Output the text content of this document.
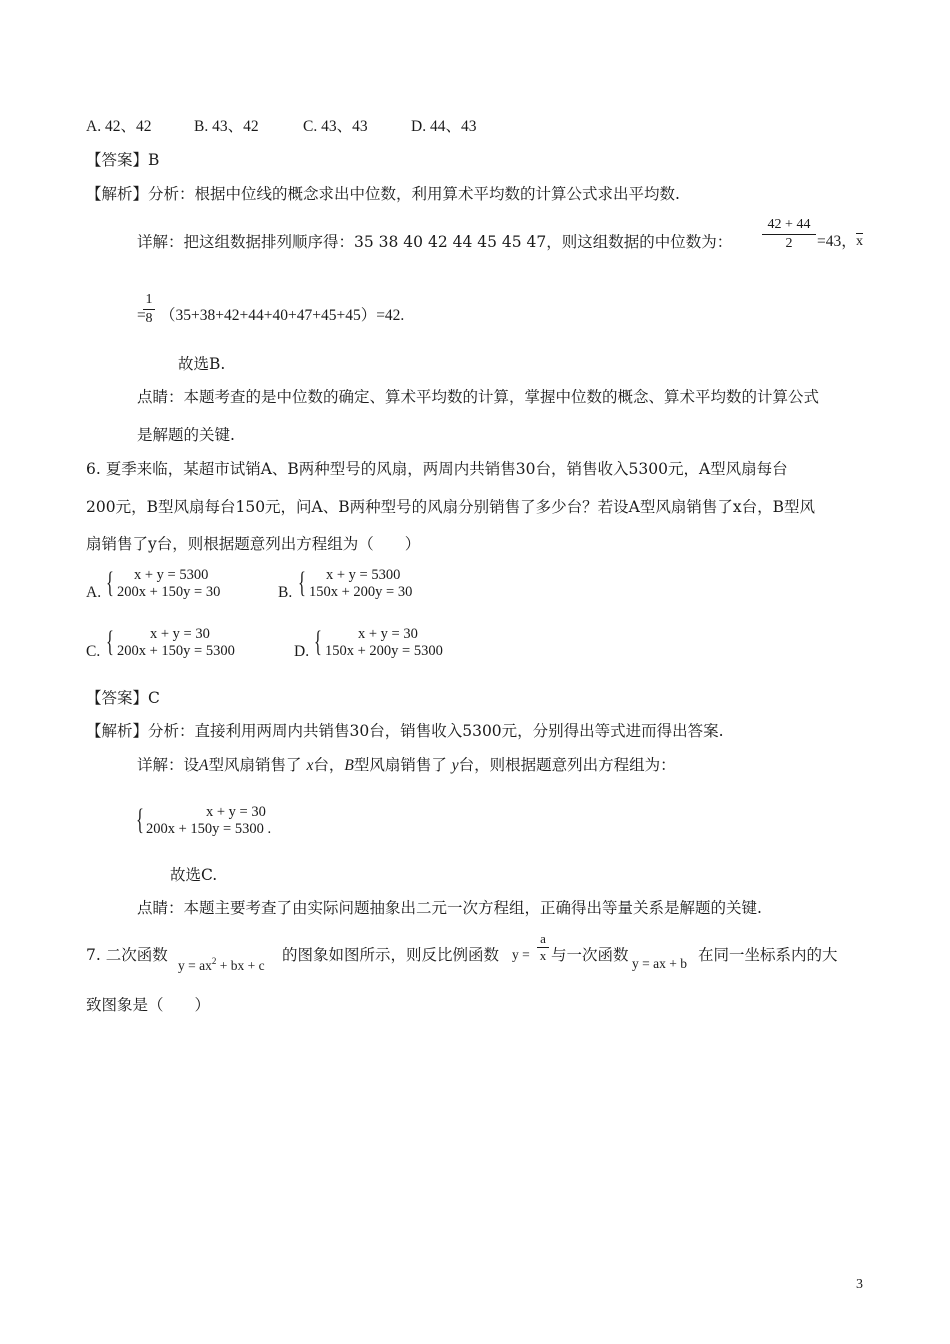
A. 42、42	B. 43、42	C. 43、43	D. 44、43
【答案】B
【解析】分析：根据中位线的概念求出中位数，利用算术平均数的计算公式求出平均数.
详解：把这组数据排列顺序得：35 38 40 42 44 45 45 47，则这组数据的中位数为：
42 + 44
2	=43， $\overline{x}$
=
1
8 （35+38+42+44+40+47+45+45）=42.
故选B.
点睛：本题考查的是中位数的确定、算术平均数的计算，掌握中位数的概念、算术平均数的计算公式
是解题的关键.
6. 夏季来临，某超市试销A、B两种型号的风扇，两周内共销售30台，销售收入5300元，A型风扇每台
200元，B型风扇每台150元，问A、B两种型号的风扇分别销售了多少台？若设A型风扇销售了x台，B型风
扇销售了y台，则根据题意列出方程组为（　　）
A. {	x + y = 5300
200x + 150y = 30	B. {	x + y = 5300
150x + 200y = 30
C. {	x + y = 30
200x + 150y = 5300	D. {	x + y = 30
150x + 200y = 5300
【答案】C
【解析】分析：直接利用两周内共销售30台，销售收入5300元，分别得出等式进而得出答案.
详解：设A型风扇销售了 x台，B型风扇销售了 y台，则根据题意列出方程组为：
{	x + y = 30
200x + 150y = 5300 .
故选C.
点睛：本题主要考查了由实际问题抽象出二元一次方程组，正确得出等量关系是解题的关键.
7. 二次函数
$y = ax^2$ + bx + c
的图象如图所示，则反比例函数 y =
a
x 与一次函数 y = ax + b 在同一坐标系内的大
致图象是（　　）
3
